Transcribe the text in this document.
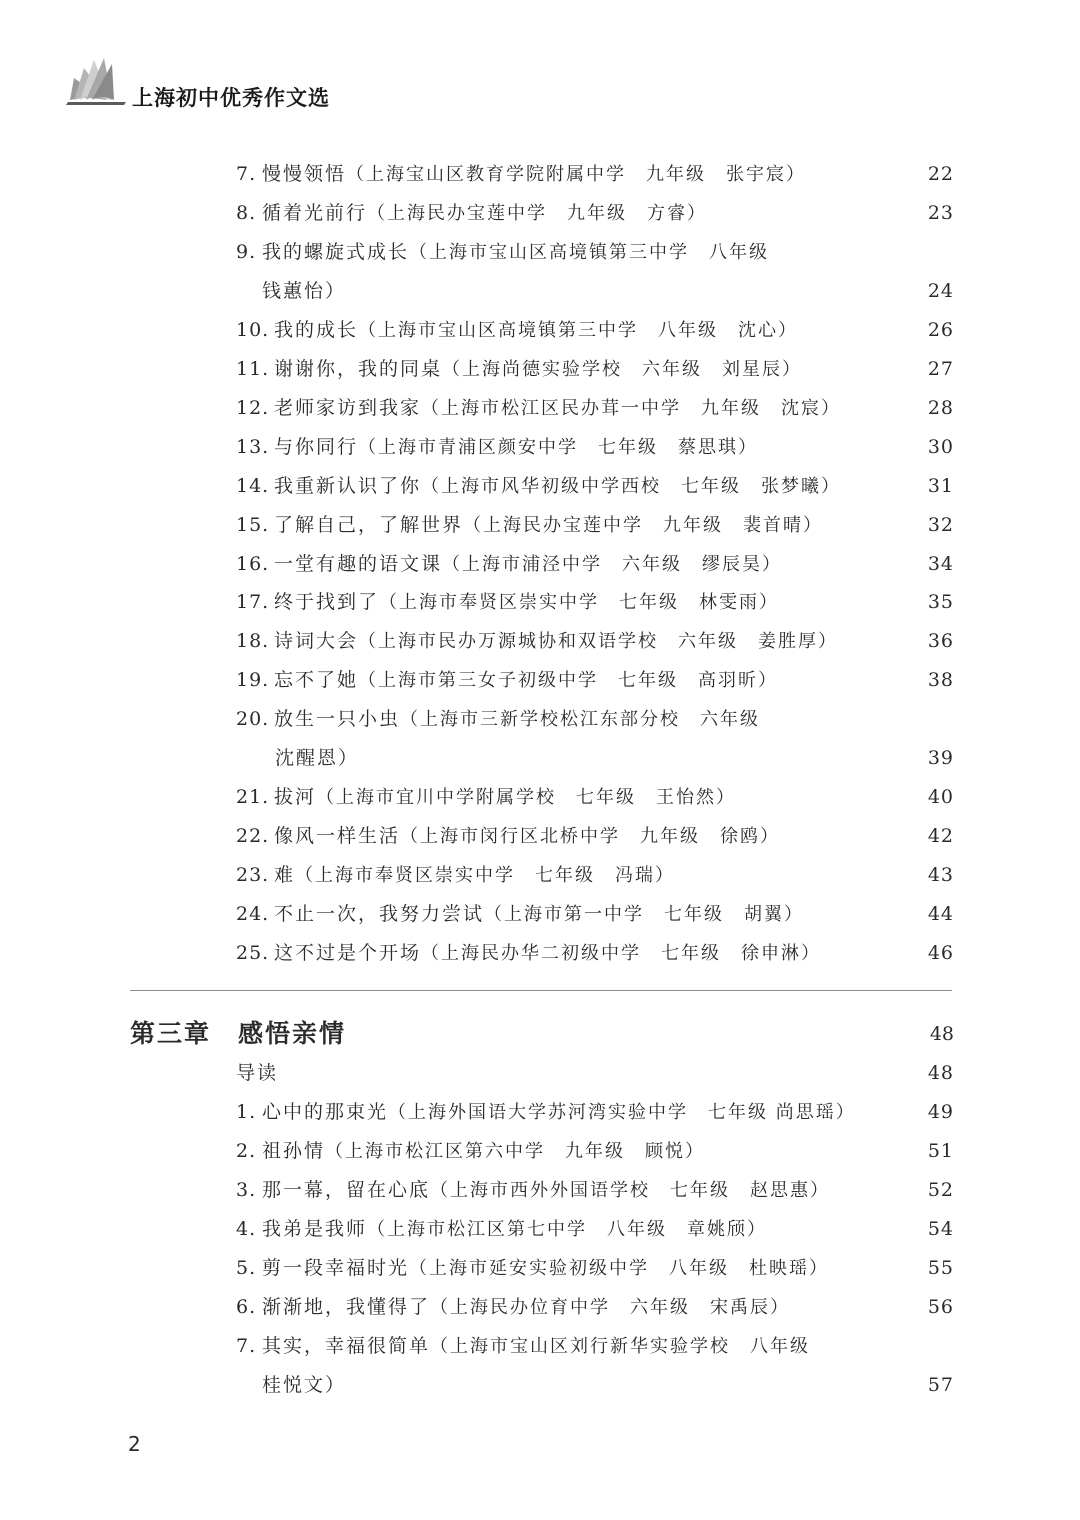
上海初中优秀作文选
7. 慢慢领悟（上海宝山区教育学院附属中学　九年级　张宇宸）	22
8. 循着光前行（上海民办宝莲中学　九年级　方睿）	23
9. 我的螺旋式成长（上海市宝山区高境镇第三中学　八年级
钱蕙怡）	24
10. 我的成长（上海市宝山区高境镇第三中学　八年级　沈心）	26
11. 谢谢你，我的同桌（上海尚德实验学校　六年级　刘星辰）	27
12. 老师家访到我家（上海市松江区民办茸一中学　九年级　沈宸）	28
13. 与你同行（上海市青浦区颜安中学　七年级　蔡思琪）	30
14. 我重新认识了你（上海市风华初级中学西校　七年级　张梦曦）	31
15. 了解自己，了解世界（上海民办宝莲中学　九年级　裴首晴）	32
16. 一堂有趣的语文课（上海市浦泾中学　六年级　缪辰昊）	34
17. 终于找到了（上海市奉贤区崇实中学　七年级　林雯雨）	35
18. 诗词大会（上海市民办万源城协和双语学校　六年级　姜胜厚）	36
19. 忘不了她（上海市第三女子初级中学　七年级　高羽昕）	38
20. 放生一只小虫（上海市三新学校松江东部分校　六年级
沈醒恩）	39
21. 拔河（上海市宜川中学附属学校　七年级　王怡然）	40
22. 像风一样生活（上海市闵行区北桥中学　九年级　徐鸥）	42
23. 难（上海市奉贤区崇实中学　七年级　冯瑞）	43
24. 不止一次，我努力尝试（上海市第一中学　七年级　胡翼）	44
25. 这不过是个开场（上海民办华二初级中学　七年级　徐申淋）	46
第三章 感悟亲情	48
导读	48
1. 心中的那束光（上海外国语大学苏河湾实验中学　七年级 尚思瑶）	49
2. 祖孙情（上海市松江区第六中学　九年级　顾悦）	51
3. 那一幕，留在心底（上海市西外外国语学校　七年级　赵思惠）	52
4. 我弟是我师（上海市松江区第七中学　八年级　章姚颀）	54
5. 剪一段幸福时光（上海市延安实验初级中学　八年级　杜映瑶）	55
6. 渐渐地，我懂得了（上海民办位育中学　六年级　宋禹辰）	56
7. 其实，幸福很简单（上海市宝山区刘行新华实验学校　八年级
桂悦文）	57
2
